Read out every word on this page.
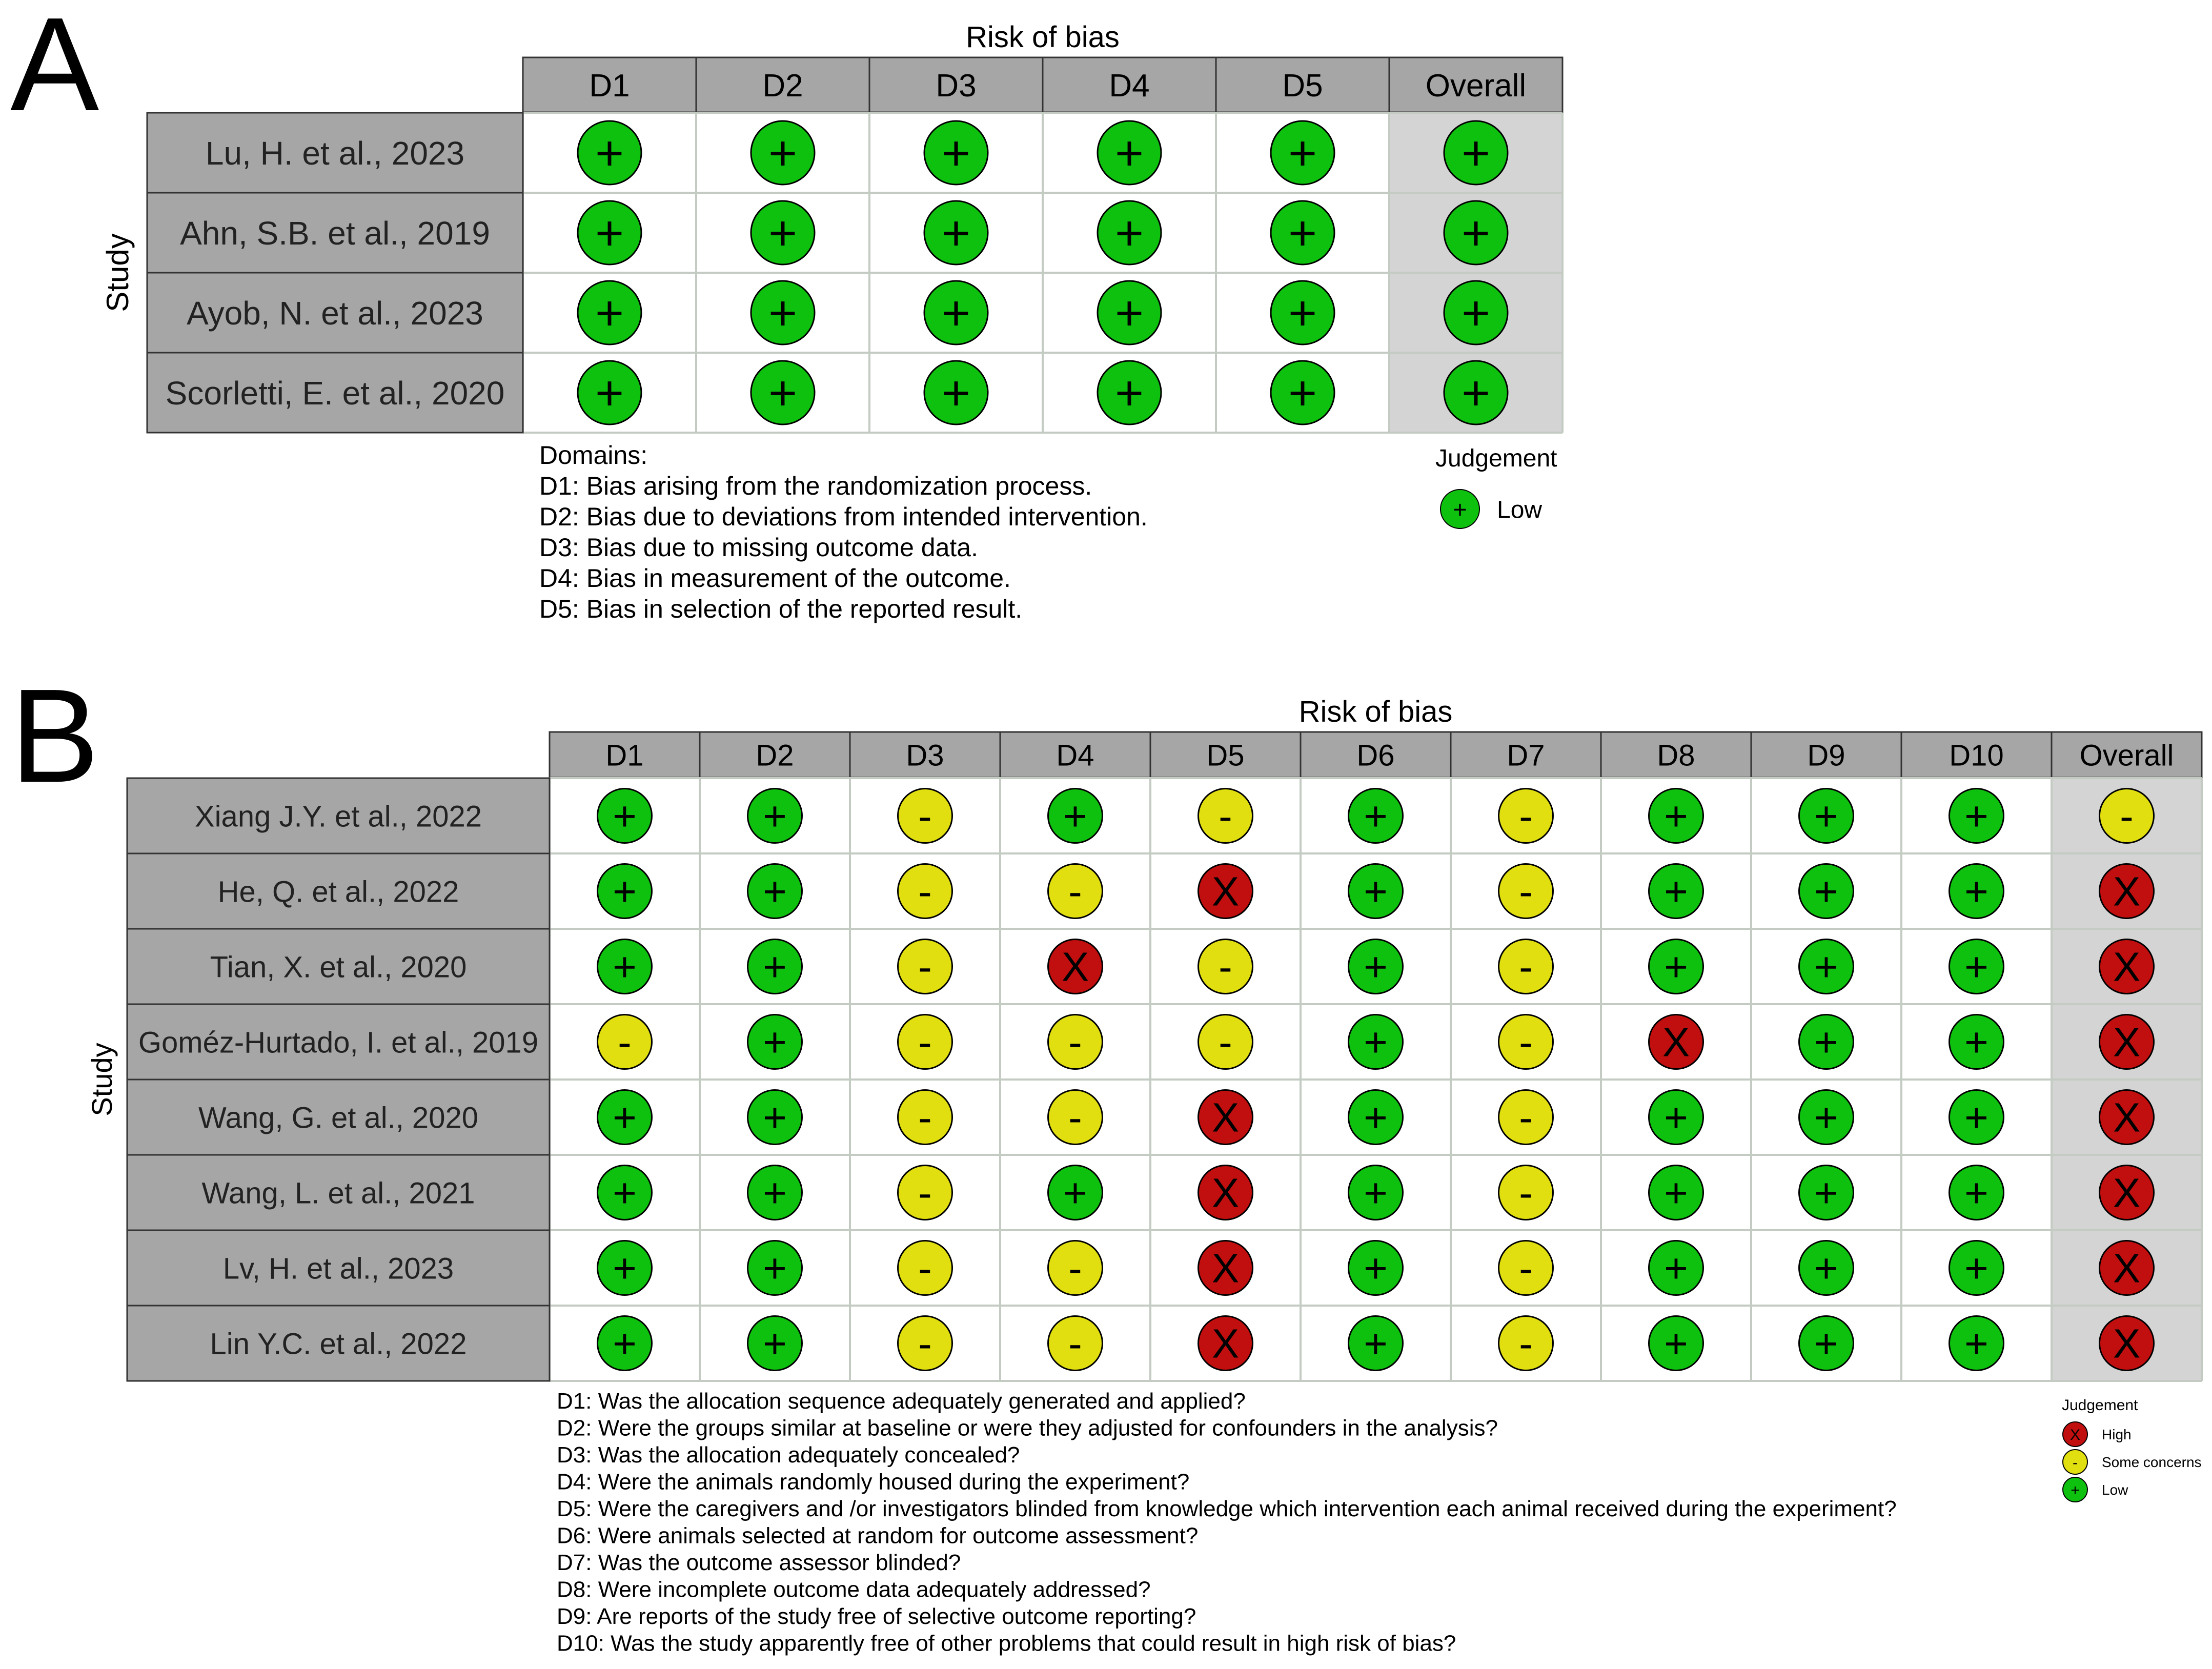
A	Risk of bias
Study
D1	D2	D3	D4	D5	Overall
Lu, H. et al., 2023	+	+	+	+	+	+
Ahn, S.B. et al., 2019 +	+	+	+	+	+
Ayob, N. et al., 2023 +	+	+	+	+	+
Scorletti, E. et al., 2020 +	+	+	+	+	+
Domains:
D1: Bias arising from the randomization process.
D2: Bias due to deviations from intended intervention.
D3: Bias due to missing outcome data.
D4: Bias in measurement of the outcome.
D5: Bias in selection of the reported result.
Judgement
+ Low
B	Risk of bias
Study
D1	D2	D3	D4	D5	D6	D7	D8	D9	D10	Overall
Xiang J.Y. et al., 2022	+	+	-	+	-	+	-	+	+	+	-
He, Q. et al., 2022	+	+	-	-	X	+	-	+	+	+	X
Tian, X. et al., 2020	+	+	-	X	-	+	-	+	+	+	X
Goméz-Hurtado, I. et al., 2019 -	+	-	-	-	+	-	X	+	+	X
Wang, G. et al., 2020	+	+	-	-	X	+	-	+	+	+	X
Wang, L. et al., 2021	+	+	-	+	X	+	-	+	+	+	X
Lv, H. et al., 2023	+	+	-	-	X	+	-	+	+	+	X
Lin Y.C. et al., 2022	+	+	-	-	X	+	-	+	+	+	X
D1: Was the allocation sequence adequately generated and applied?
D2: Were the groups similar at baseline or were they adjusted for confounders in the analysis?
D3: Was the allocation adequately concealed?
D4: Were the animals randomly housed during the experiment?
D5: Were the caregivers and /or investigators blinded from knowledge which intervention each animal received during the experiment?
D6: Were animals selected at random for outcome assessment?
D7: Was the outcome assessor blinded?
D8: Were incomplete outcome data adequately addressed?
D9: Are reports of the study free of selective outcome reporting?
D10: Was the study apparently free of other problems that could result in high risk of bias?
Judgement
X High
- Some concerns
+ Low
